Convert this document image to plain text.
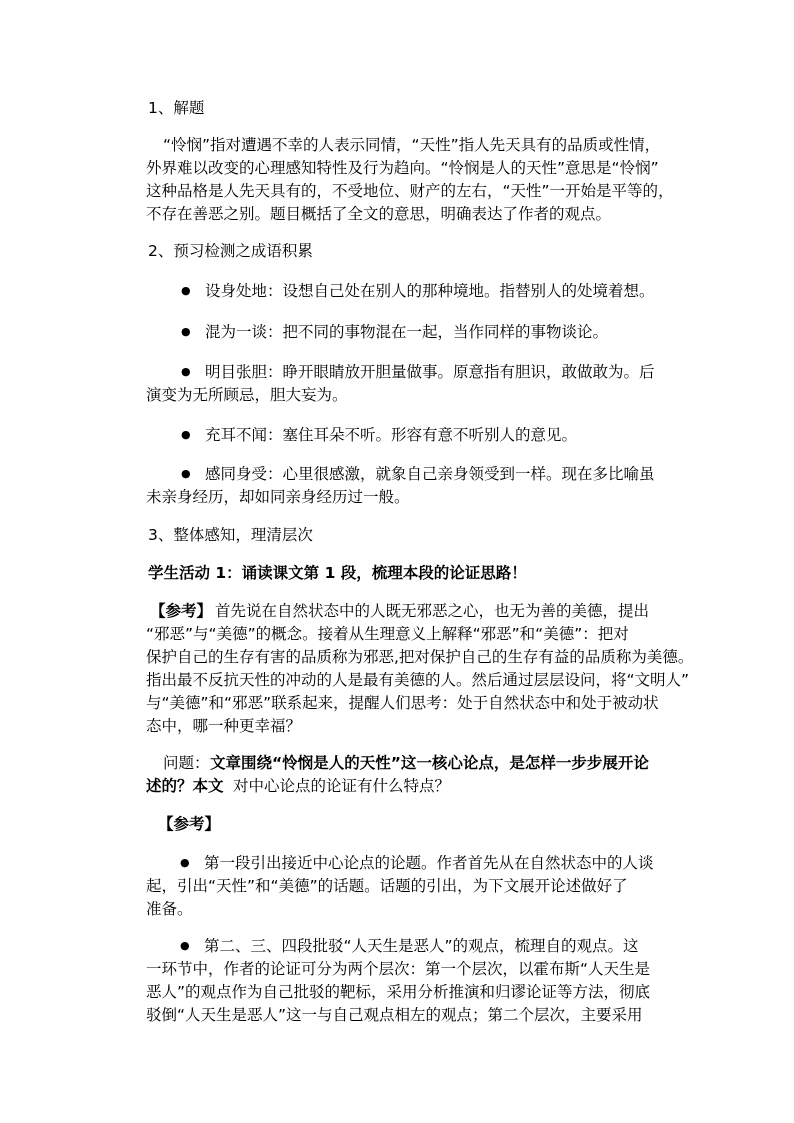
1、解题

“怜悯”指对遭遇不幸的人表示同情，“天性”指人先天具有的品质或性情，

外界难以改变的心理感知特性及行为趋向。“怜悯是人的天性”意思是“怜悯”

这种品格是人先天具有的，不受地位、财产的左右，“天性”一开始是平等的，

不存在善恶之别。题目概括了全文的意思，明确表达了作者的观点。

2、预习检测之成语积累

● 设身处地：设想自己处在别人的那种境地。指替别人的处境着想。

● 混为一谈：把不同的事物混在一起，当作同样的事物谈论。

● 明目张胆：睁开眼睛放开胆量做事。原意指有胆识，敢做敢为。后

演变为无所顾忌，胆大妄为。

● 充耳不闻：塞住耳朵不听。形容有意不听别人的意见。

● 感同身受：心里很感激，就象自己亲身领受到一样。现在多比喻虽

未亲身经历，却如同亲身经历过一般。

3、整体感知，理清层次

学生活动 1：诵读课文第 1 段，梳理本段的论证思路！

【参考】 首先说在自然状态中的人既无邪恶之心，也无为善的美德，提出

“邪恶”与“美德”的概念。接着从生理意义上解释“邪恶”和“美德”：把对

保护自己的生存有害的品质称为邪恶,把对保护自己的生存有益的品质称为美德。

指出最不反抗天性的冲动的人是最有美德的人。然后通过层层设问，将“文明人”

与“美德”和“邪恶”联系起来，提醒人们思考：处于自然状态中和处于被动状

态中，哪一种更幸福？

问题： 文章围绕“怜悯是人的天性”这一核心论点，是怎样一步步展开论

述的？本文 对中心论点的论证有什么特点？

【参考】

● 第一段引出接近中心论点的论题。作者首先从在自然状态中的人谈

起，引出“天性”和“美德”的话题。话题的引出，为下文展开论述做好了

准备。

● 第二、三、四段批驳“人天生是恶人”的观点，梳理自的观点。这

一环节中，作者的论证可分为两个层次：第一个层次，以霍布斯“人天生是

恶人”的观点作为自己批驳的靶标，采用分析推演和归谬论证等方法，彻底

驳倒“人天生是恶人”这一与自己观点相左的观点；第二个层次，主要采用
